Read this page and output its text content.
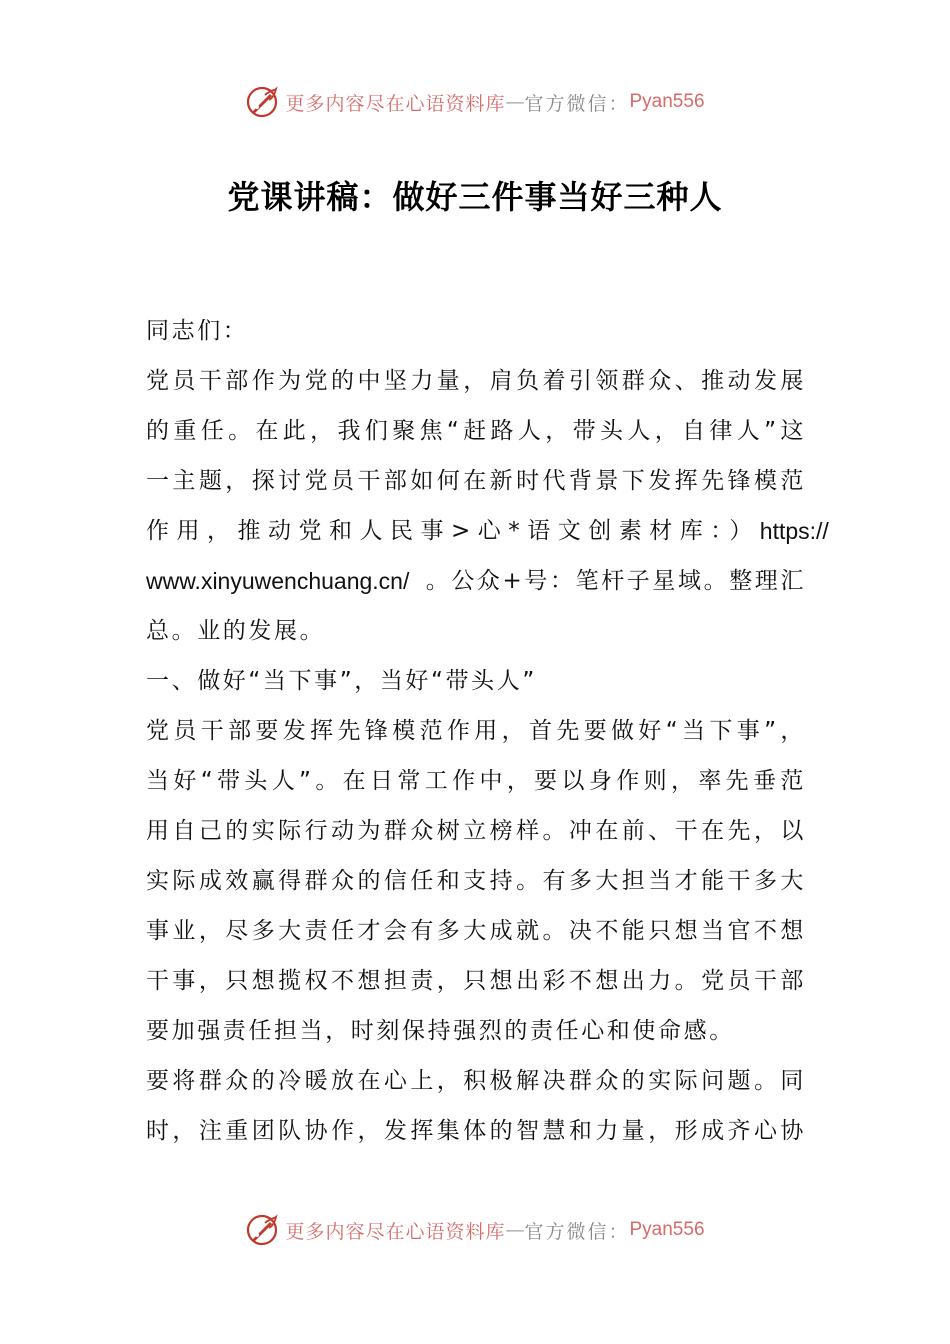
更多内容尽在心语资料库 — 官方微信： Pyan556
党课讲稿：做好三件事当好三种人
同志们：
党员干部作为党的中坚力量，肩负着引领群众、推动发展
的重任。在此，我们聚焦“赶路人，带头人，自律人”这
一主题，探讨党员干部如何在新时代背景下发挥先锋模范
作用，推动党和人民事>心*语文创素材库：） https://
www.xinyuwenchuang.cn/ 。公众+号：笔杆子星域。整理汇
总。业的发展。
一、做好“当下事”，当好“带头人”
党员干部要发挥先锋模范作用，首先要做好“当下事”，
当好“带头人”。在日常工作中，要以身作则，率先垂范
用自己的实际行动为群众树立榜样。冲在前、干在先，以
实际成效赢得群众的信任和支持。有多大担当才能干多大
事业，尽多大责任才会有多大成就。决不能只想当官不想
干事，只想揽权不想担责，只想出彩不想出力。党员干部
要加强责任担当，时刻保持强烈的责任心和使命感。
要将群众的冷暖放在心上，积极解决群众的实际问题。同
时，注重团队协作，发挥集体的智慧和力量，形成齐心协
更多内容尽在心语资料库 — 官方微信： Pyan556
